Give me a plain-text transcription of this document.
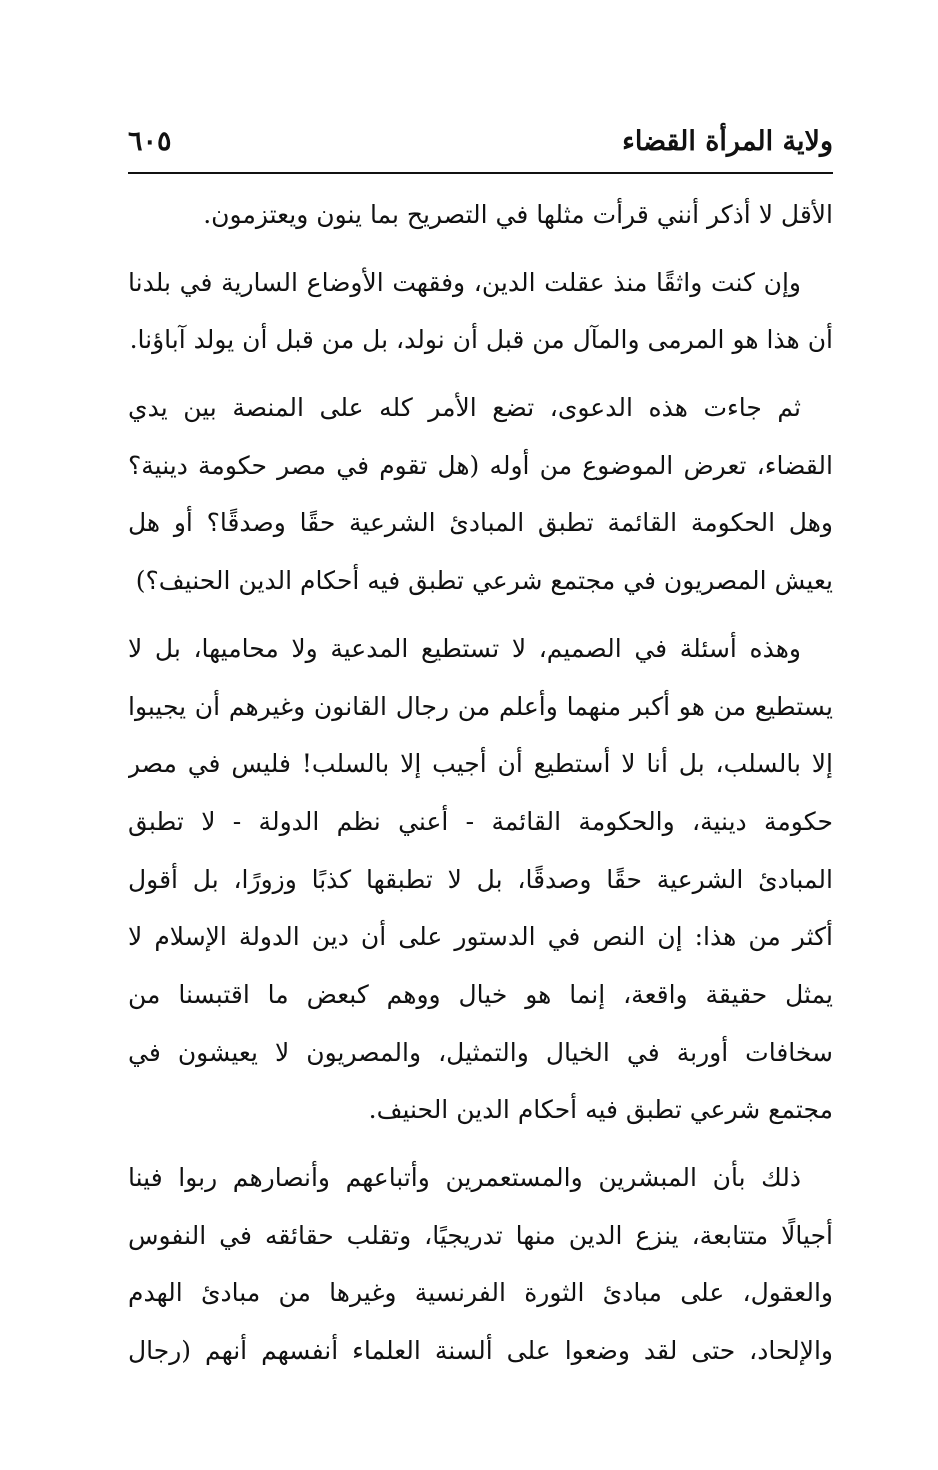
ولاية المرأة القضاء
٦٠٥
الأقل لا أذكر أنني قرأت مثلها في التصريح بما ينون ويعتزمون.
وإن كنت واثقًا منذ عقلت الدين، وفقهت الأوضاع السارية في بلدنا
أن هذا هو المرمى والمآل من قبل أن نولد، بل من قبل أن يولد آباؤنا.
ثم جاءت هذه الدعوى، تضع الأمر كله على المنصة بين يدي
القضاء، تعرض الموضوع من أوله (هل تقوم في مصر حكومة دينية؟
وهل الحكومة القائمة تطبق المبادئ الشرعية حقًا وصدقًا؟ أو هل
يعيش المصريون في مجتمع شرعي تطبق فيه أحكام الدين الحنيف؟)
وهذه أسئلة في الصميم، لا تستطيع المدعية ولا محاميها، بل لا
يستطيع من هو أكبر منهما وأعلم من رجال القانون وغيرهم أن يجيبوا
إلا بالسلب، بل أنا لا أستطيع أن أجيب إلا بالسلب! فليس في مصر
حكومة دينية، والحكومة القائمة - أعني نظم الدولة - لا تطبق
المبادئ الشرعية حقًا وصدقًا، بل لا تطبقها كذبًا وزورًا، بل أقول
أكثر من هذا: إن النص في الدستور على أن دين الدولة الإسلام لا
يمثل حقيقة واقعة، إنما هو خيال ووهم كبعض ما اقتبسنا من
سخافات أوربة في الخيال والتمثيل، والمصريون لا يعيشون في
مجتمع شرعي تطبق فيه أحكام الدين الحنيف.
ذلك بأن المبشرين والمستعمرين وأتباعهم وأنصارهم ربوا فينا
أجيالًا متتابعة، ينزع الدين منها تدريجيًا، وتقلب حقائقه في النفوس
والعقول، على مبادئ الثورة الفرنسية وغيرها من مبادئ الهدم
والإلحاد، حتى لقد وضعوا على ألسنة العلماء أنفسهم أنهم (رجال
